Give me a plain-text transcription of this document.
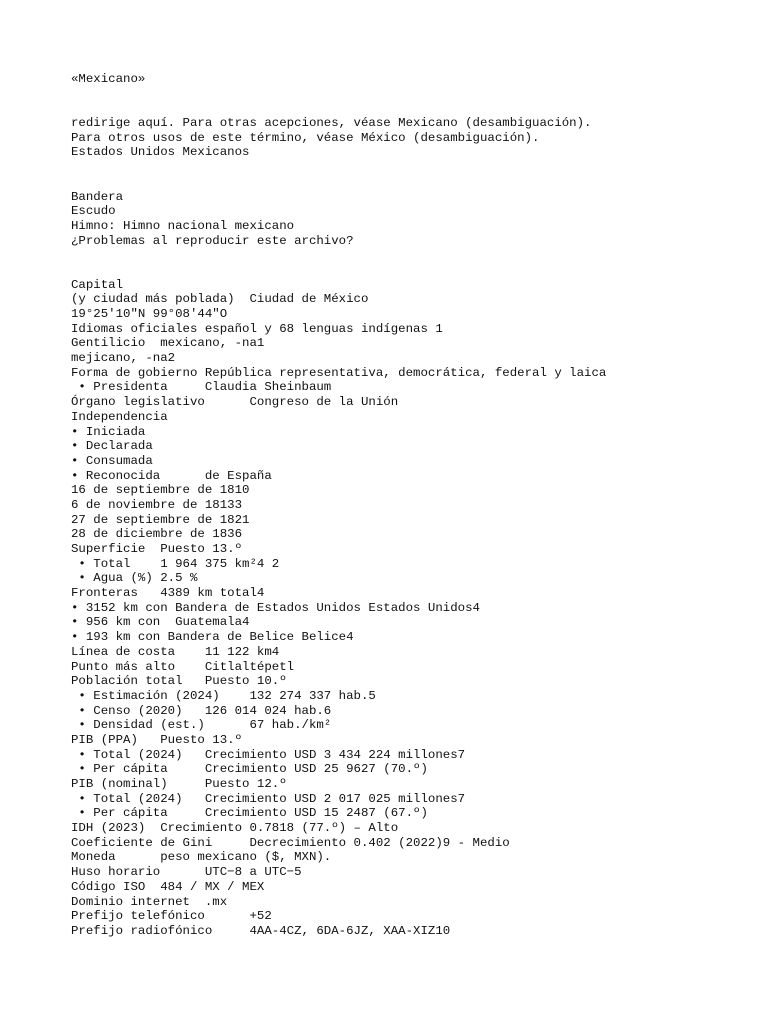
«Mexicano»
redirige aquí. Para otras acepciones, véase Mexicano (desambiguación).
Para otros usos de este término, véase México (desambiguación).
Estados Unidos Mexicanos
Bandera
Escudo
Himno: Himno nacional mexicano
¿Problemas al reproducir este archivo?
Capital
(y ciudad más poblada)  Ciudad de México
19°25′10″N 99°08′44″O
Idiomas oficiales español y 68 lenguas indígenas 1
Gentilicio  mexicano, -na1
mejicano, -na2
Forma de gobierno República representativa, democrática, federal y laica
• Presidenta     Claudia Sheinbaum
Órgano legislativo      Congreso de la Unión
Independencia
• Iniciada
• Declarada
• Consumada
• Reconocida      de España
16 de septiembre de 1810
6 de noviembre de 18133
27 de septiembre de 1821
28 de diciembre de 1836
Superficie  Puesto 13.º
• Total    1 964 375 km²4 2
• Agua (%) 2.5 %
Fronteras   4389 km total4
• 3152 km con Bandera de Estados Unidos Estados Unidos4
• 956 km con  Guatemala4
• 193 km con Bandera de Belice Belice4
Línea de costa    11 122 km4
Punto más alto    Citlaltépetl
Población total   Puesto 10.º
• Estimación (2024)    132 274 337 hab.5
• Censo (2020)   126 014 024 hab.6
• Densidad (est.)      67 hab./km²
PIB (PPA)   Puesto 13.º
• Total (2024)   Crecimiento USD 3 434 224 millones7
• Per cápita     Crecimiento USD 25 9627 (70.º)
PIB (nominal)     Puesto 12.º
• Total (2024)   Crecimiento USD 2 017 025 millones7
• Per cápita     Crecimiento USD 15 2487 (67.º)
IDH (2023)  Crecimiento 0.7818 (77.º) – Alto
Coeficiente de Gini     Decrecimiento 0.402 (2022)9 - Medio
Moneda      peso mexicano ($, MXN).
Huso horario      UTC−8 a UTC−5
Código ISO  484 / MX / MEX
Dominio internet  .mx
Prefijo telefónico      +52
Prefijo radiofónico     4AA-4CZ, 6DA-6JZ, XAA-XIZ10
